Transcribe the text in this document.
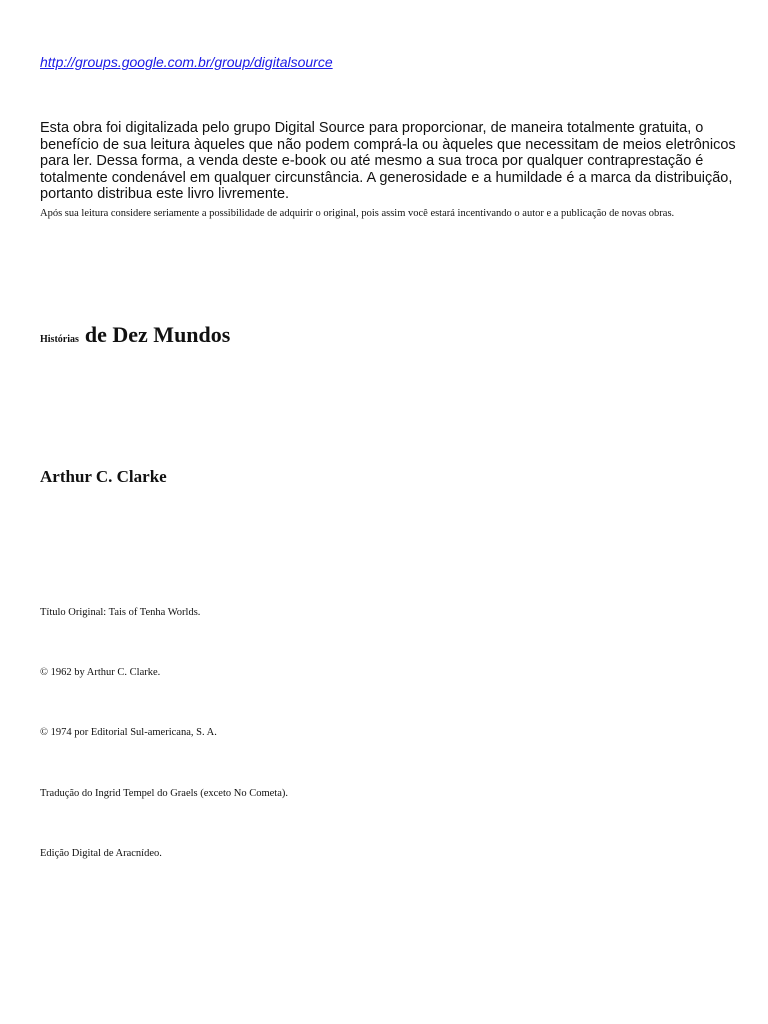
http://groups.google.com.br/group/digitalsource
Esta obra foi digitalizada pelo grupo Digital Source para proporcionar, de maneira totalmente gratuita, o benefício de sua leitura àqueles que não podem comprá-la ou àqueles que necessitam de meios eletrônicos para ler. Dessa forma, a venda deste e-book ou até mesmo a sua troca por qualquer contraprestação é totalmente condenável em qualquer circunstância. A generosidade e a humildade é a marca da distribuição, portanto distribua este livro livremente.
Após sua leitura considere seriamente a possibilidade de adquirir o original, pois assim você estará incentivando o autor e a publicação de novas obras.
Histórias de Dez Mundos
Arthur C. Clarke
Título Original: Tais of Tenha Worlds.
© 1962 by Arthur C. Clarke.
© 1974 por Editorial Sul-americana, S. A.
Tradução do Ingrid Tempel do Graels (exceto No Cometa).
Edição Digital de Aracnídeo.
